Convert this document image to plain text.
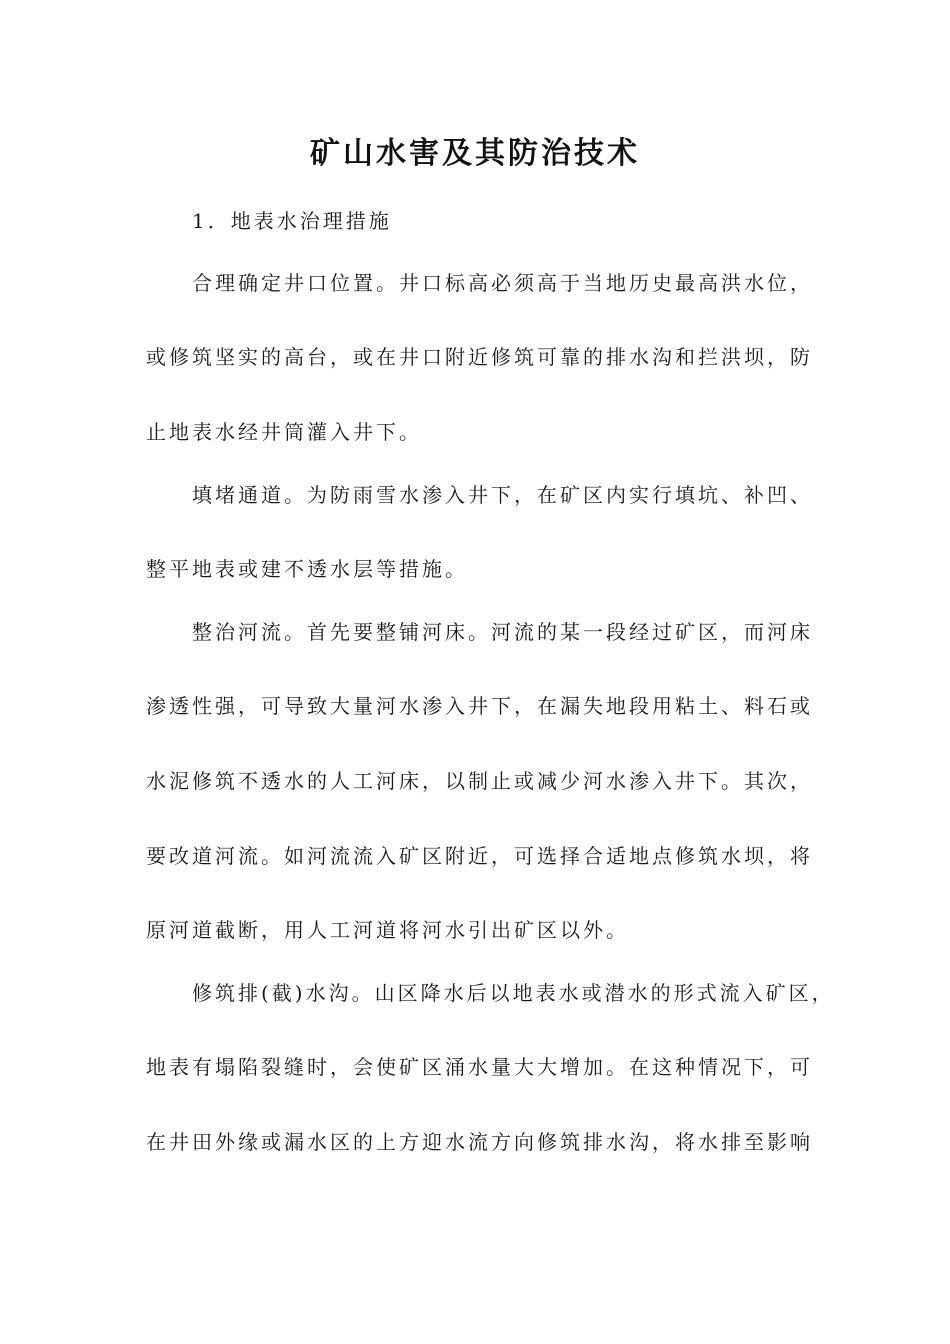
矿山水害及其防治技术
1．地表水治理措施
合理确定井口位置。井口标高必须高于当地历史最高洪水位，
或修筑坚实的高台，或在井口附近修筑可靠的排水沟和拦洪坝，防
止地表水经井筒灌入井下。
填堵通道。为防雨雪水渗入井下，在矿区内实行填坑、补凹、
整平地表或建不透水层等措施。
整治河流。首先要整铺河床。河流的某一段经过矿区，而河床
渗透性强，可导致大量河水渗入井下，在漏失地段用粘土、料石或
水泥修筑不透水的人工河床，以制止或减少河水渗入井下。其次，
要改道河流。如河流流入矿区附近，可选择合适地点修筑水坝，将
原河道截断，用人工河道将河水引出矿区以外。
修筑排(截)水沟。山区降水后以地表水或潜水的形式流入矿区，
地表有塌陷裂缝时，会使矿区涌水量大大增加。在这种情况下，可
在井田外缘或漏水区的上方迎水流方向修筑排水沟，将水排至影响
